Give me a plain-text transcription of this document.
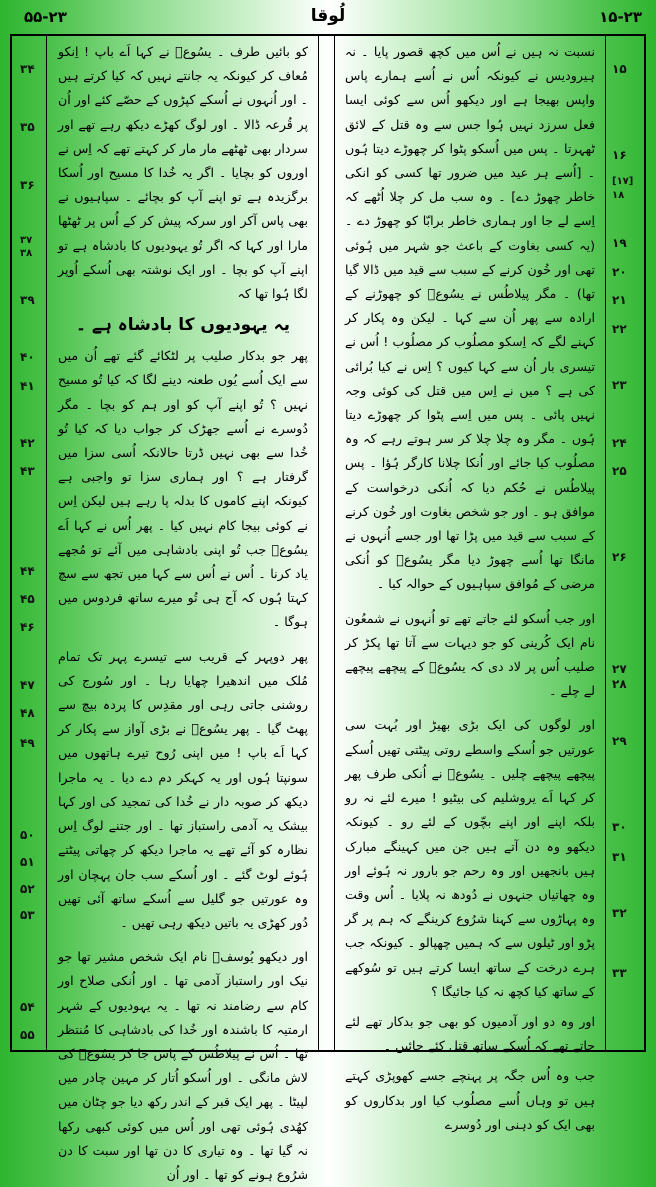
۵۵-۲۳	لُوقا	۱۵-۲۳
۱۵
۱۶
[۱۷]
۱۸
۱۹
۲۰
۲۱
۲۲
۲۳
۲۴
۲۵
۲۶
۲۷
۲۸
۲۹
۳۰
۳۱
۳۲
۳۳
۳۴
۳۵
۳۶
۳۷
۳۸
۳۹
۴۰
۴۱
۴۲
۴۳
۴۴
۴۵
۴۶
۴۷
۴۸
۴۹
۵۰
۵۱
۵۲
۵۳
۵۴
۵۵

نسبت نہ ہیں نے اُس میں کچھ قصور پایا ۔ نہ ہیرودیس نے کیونکہ اُس نے اُسے ہمارے پاس واپس بھیجا ہے اور دیکھو اُس سے کوئی ایسا فعل سرزد نہیں ہُوا جس سے وہ قتل کے لائق ٹھہرتا ۔ پس میں اُسکو پٹوا کر چھوڑے دیتا ہُوں ۔ [اُسے ہر عید میں ضرور تھا کسی کو انکی خاطر چھوڑ دے] ۔ وہ سب مل کر چلا اُٹھے کہ اِسے لے جا اور ہماری خاطر برابّا کو چھوڑ دے ۔ (یہ کسی بغاوت کے باعث جو شہر میں ہُوئی تھی اور خُون کرنے کے سبب سے قید میں ڈالا گیا تھا) ۔ مگر پیلاطُس نے یسُوعؔ کو چھوڑنے کے ارادہ سے پھر اُن سے کہا ۔ لیکن وہ پکار کر کہنے لگے کہ اِسکو مصلُوب کر مصلُوب ! اُس نے تیسری بار اُن سے کہا کیوں ؟ اِس نے کیا بُرائی کی ہے ؟ میں نے اِس میں قتل کی کوئی وجہ نہیں پائی ۔ پس میں اِسے پٹوا کر چھوڑے دیتا ہُوں ۔ مگر وہ چلا چلا کر سر ہوتے رہے کہ وہ مصلُوب کیا جائے اور اُنکا چلانا کارگر ہُؤا ۔ پس پیلاطُس نے حُکم دیا کہ اُنکی درخواست کے موافق ہو ۔ اور جو شخص بغاوت اور خُون کرنے کے سبب سے قید میں پڑا تھا اور جسے اُنہوں نے مانگا تھا اُسے چھوڑ دیا مگر یسُوعؔ کو اُنکی مرضی کے مُوافق سپاہیوں کے حوالہ کیا ۔

اور جب اُسکو لئے جاتے تھے تو اُنہوں نے شمعُون نام ایک کُرینی کو جو دیہات سے آتا تھا پکڑ کر صلیب اُس پر لاد دی کہ یسُوعؔ کے پیچھے پیچھے لے چلے ۔

اور لوگوں کی ایک بڑی بھیڑ اور بُہت سی عورتیں جو اُسکے واسطے روتی پیٹتی تھیں اُسکے پیچھے پیچھے چلیں ۔ یسُوعؔ نے اُنکی طرف پھر کر کہا اَے یروشلیم کی بیٹیو ! میرے لئے نہ رو بلکہ اپنے اور اپنے بچّوں کے لئے رو ۔ کیونکہ دیکھو وہ دن آتے ہیں جن میں کہینگے مبارک ہیں بانجھیں اور وہ رحم جو بارور نہ ہُوئے اور وہ چھاتیاں جنہوں نے دُودھ نہ پلایا ۔ اُس وقت وہ پہاڑوں سے کہنا شرُوع کرینگے کہ ہم پر گر پڑو اور ٹیلوں سے کہ ہمیں چھپالو ۔ کیونکہ جب ہرے درخت کے ساتھ ایسا کرتے ہیں تو سُوکھے کے ساتھ کیا کچھ نہ کیا جائیگا ؟

اور وہ دو اور آدمیوں کو بھی جو بدکار تھے لئے جاتے تھے کہ اُسکے ساتھ قتل کئے جائیں ۔

جب وہ اُس جگہ پر پہنچے جسے کھوپڑی کہتے ہیں تو وہاں اُسے مصلُوب کیا اور بدکاروں کو بھی ایک کو دہنی اور دُوسرے

کو بائیں طرف ۔ یسُوعؔ نے کہا اَے باپ ! اِنکو مُعاف کر کیونکہ یہ جانتے نہیں کہ کیا کرتے ہیں ۔ اور اُنہوں نے اُسکے کپڑوں کے حصّے کئے اور اُن پر قُرعہ ڈالا ۔ اور لوگ کھڑے دیکھ رہے تھے اور سردار بھی ٹھٹھے مار مار کر کہتے تھے کہ اِس نے اوروں کو بچایا ۔ اگر یہ خُدا کا مسیح اور اُسکا برگزیدہ ہے تو اپنے آپ کو بچائے ۔ سپاہیوں نے بھی پاس آکر اور سرکہ پیش کر کے اُس پر ٹھٹھا مارا اور کہا کہ اگر تُو یہودیوں کا بادشاہ ہے تو اپنے آپ کو بچا ۔ اور ایک نوشتہ بھی اُسکے اُوپر لگا ہُوا تھا کہ

یہ یہودیوں کا بادشاہ ہے ۔

پھر جو بدکار صلیب پر لٹکائے گئے تھے اُن میں سے ایک اُسے یُوں طعنہ دینے لگا کہ کیا تُو مسیح نہیں ؟ تُو اپنے آپ کو اور ہم کو بچا ۔ مگر دُوسرے نے اُسے جھڑک کر جواب دیا کہ کیا تُو خُدا سے بھی نہیں ڈرتا حالانکہ اُسی سزا میں گرفتار ہے ؟ اور ہماری سزا تو واجبی ہے کیونکہ اپنے کاموں کا بدلہ پا رہے ہیں لیکن اِس نے کوئی بیجا کام نہیں کیا ۔ پھر اُس نے کہا اَے یسُوعؔ جب تُو اپنی بادشاہی میں آئے تو مُجھے یاد کرنا ۔ اُس نے اُس سے کہا میں تجھ سے سچ کہتا ہُوں کہ آج ہی تُو میرے ساتھ فردوس میں ہوگا ۔

پھر دوپہر کے قریب سے تیسرے پہر تک تمام مُلک میں اندھیرا چھایا رہا ۔ اور سُورج کی روشنی جاتی رہی اور مقدِس کا پردہ بیچ سے پھٹ گیا ۔ پھر یسُوعؔ نے بڑی آواز سے پکار کر کہا اَے باپ ! میں اپنی رُوح تیرے ہاتھوں میں سونپتا ہُوں اور یہ کہکر دم دے دیا ۔ یہ ماجرا دیکھ کر صوبہ دار نے خُدا کی تمجید کی اور کہا بیشک یہ آدمی راستباز تھا ۔ اور جتنے لوگ اِس نظارہ کو آئے تھے یہ ماجرا دیکھ کر چھاتی پیٹتے ہُوئے لوٹ گئے ۔ اور اُسکے سب جان پہچان اور وہ عورتیں جو گلیل سے اُسکے ساتھ آئی تھیں دُور کھڑی یہ باتیں دیکھ رہی تھیں ۔

اور دیکھو یُوسفؔ نام ایک شخص مشیر تھا جو نیک اور راستباز آدمی تھا ۔ اور اُنکی صلاح اور کام سے رضامند نہ تھا ۔ یہ یہودیوں کے شہر ارمتیہ کا باشندہ اور خُدا کی بادشاہی کا مُنتظر تھا ۔ اُس نے پیلاطُس کے پاس جا کر یسُوعؔ کی لاش مانگی ۔ اور اُسکو اُتار کر مہین چادر میں لپیٹا ۔ پھر ایک قبر کے اندر رکھ دیا جو چٹان میں کھُدی ہُوئی تھی اور اُس میں کوئی کبھی رکھا نہ گیا تھا ۔ وہ تیاری کا دن تھا اور سبت کا دن شرُوع ہونے کو تھا ۔ اور اُن
